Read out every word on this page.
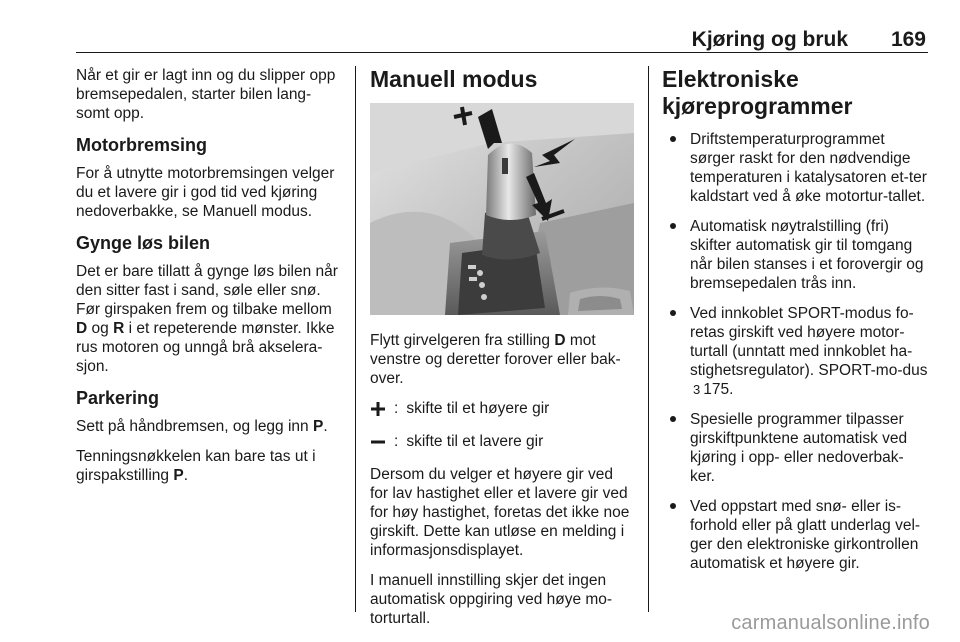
Kjøring og bruk 169

Når et gir er lagt inn og du slipper opp bremsepedalen, starter bilen lang-somt opp.

Motorbremsing

For å utnytte motorbremsingen velger du et lavere gir i god tid ved kjøring nedoverbakke, se Manuell modus.

Gynge løs bilen

Det er bare tillatt å gynge løs bilen når den sitter fast i sand, søle eller snø. Før girspaken frem og tilbake mellom D og R i et repeterende mønster. Ikke rus motoren og unngå brå akselera-sjon.

Parkering

Sett på håndbremsen, og legg inn P.

Tenningsnøkkelen kan bare tas ut i girspakstilling P.

Manuell modus

Flytt girvelgeren fra stilling D mot venstre og deretter forover eller bak-over.

: skifte til et høyere gir
: skifte til et lavere gir

Dersom du velger et høyere gir ved for lav hastighet eller et lavere gir ved for høy hastighet, foretas det ikke noe girskift. Dette kan utløse en melding i informasjonsdisplayet.

I manuell innstilling skjer det ingen automatisk oppgiring ved høye mo-torturtall.

Elektroniske
kjøreprogrammer
Driftstemperaturprogrammet sørger raskt for den nødvendige temperaturen i katalysatoren et-ter kaldstart ved å øke motortur-tallet.
Automatisk nøytralstilling (fri) skifter automatisk gir til tomgang når bilen stanses i et forovergir og bremsepedalen trås inn.
Ved innkoblet SPORT-modus fo-retas girskift ved høyere motor-turtall (unntatt med innkoblet ha-stighetsregulator). SPORT-mo-dus 3 175.
Spesielle programmer tilpasser girskiftpunktene automatisk ved kjøring i opp- eller nedoverbak-ker.
Ved oppstart med snø- eller is-forhold eller på glatt underlag vel-ger den elektroniske girkontrollen automatisk et høyere gir.
carmanualsonline.info
